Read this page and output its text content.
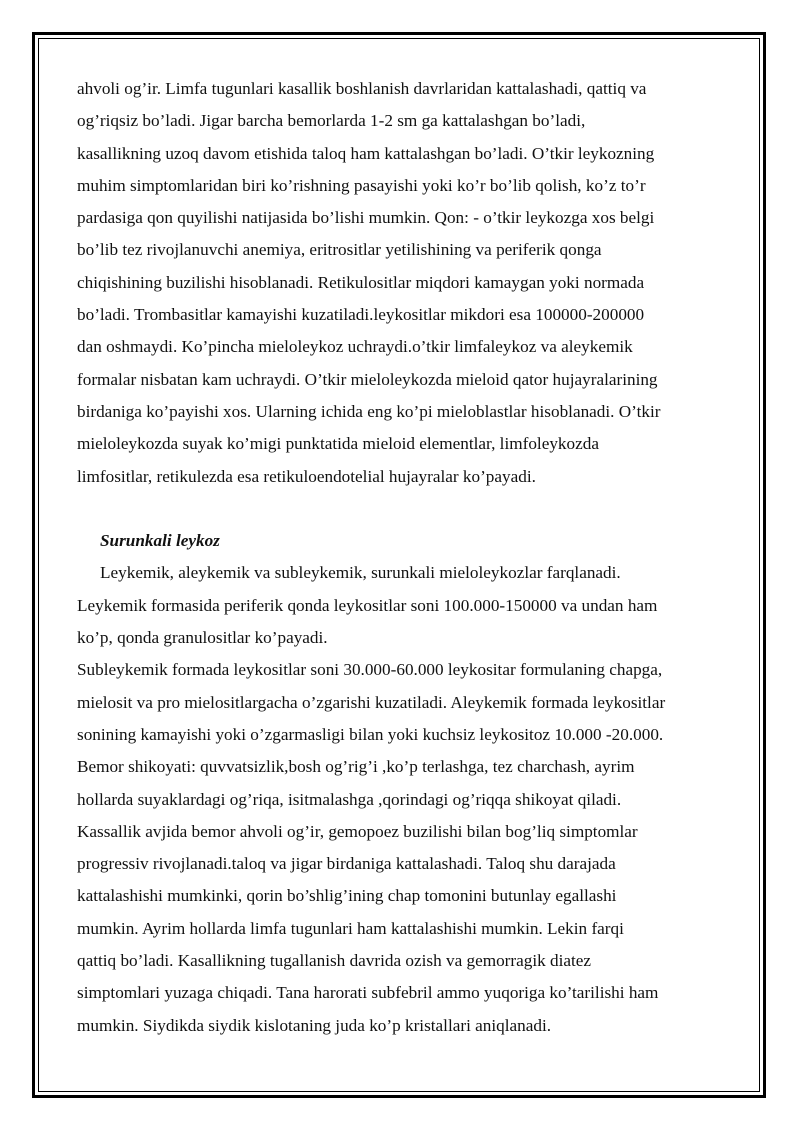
ahvoli og’ir. Limfa tugunlari kasallik boshlanish davrlaridan kattalashadi, qattiq va
og’riqsiz bo’ladi. Jigar barcha bemorlarda 1-2 sm ga kattalashgan bo’ladi,
kasallikning uzoq davom etishida taloq ham kattalashgan bo’ladi. O’tkir leykozning
muhim simptomlaridan biri ko’rishning pasayishi yoki ko’r bo’lib qolish, ko’z to’r
pardasiga qon quyilishi natijasida bo’lishi mumkin. Qon: - o’tkir leykozga xos belgi
bo’lib tez rivojlanuvchi anemiya, eritrositlar yetilishining va periferik qonga
chiqishining buzilishi hisoblanadi. Retikulositlar miqdori kamaygan yoki normada
bo’ladi. Trombasitlar kamayishi kuzatiladi.leykositlar mikdori esa 100000-200000
dan oshmaydi. Ko’pincha mieloleykoz uchraydi.o’tkir limfaleykoz va aleykemik
formalar nisbatan kam uchraydi. O’tkir mieloleykozda mieloid qator hujayralarining
birdaniga ko’payishi xos. Ularning ichida eng ko’pi mieloblastlar hisoblanadi. O’tkir
mieloleykozda suyak ko’migi punktatida mieloid elementlar, limfoleykozda
limfositlar, retikulezda esa retikuloendotelial hujayralar ko’payadi.
Surunkali leykoz
Leykemik, aleykemik va subleykemik, surunkali mieloleykozlar farqlanadi.
Leykemik formasida periferik qonda leykositlar soni 100.000-150000 va undan ham
ko’p, qonda granulositlar ko’payadi.
Subleykemik formada leykositlar soni 30.000-60.000 leykositar formulaning chapga,
mielosit va pro mielositlargacha o’zgarishi kuzatiladi. Aleykemik formada leykositlar
sonining kamayishi yoki o’zgarmasligi bilan yoki kuchsiz leykositoz 10.000 -20.000.
Bemor shikoyati: quvvatsizlik,bosh og’rig’i ,ko’p terlashga, tez charchash, ayrim
hollarda suyaklardagi og’riqa, isitmalashga ,qorindagi og’riqqa shikoyat qiladi.
Kassallik avjida bemor ahvoli og’ir, gemopoez buzilishi bilan bog’liq simptomlar
progressiv rivojlanadi.taloq va jigar birdaniga kattalashadi. Taloq shu darajada
kattalashishi mumkinki, qorin bo’shlig’ining chap tomonini butunlay egallashi
mumkin. Ayrim hollarda limfa tugunlari ham kattalashishi mumkin. Lekin farqi
qattiq bo’ladi. Kasallikning tugallanish davrida ozish va gemorragik diatez
simptomlari yuzaga chiqadi. Tana harorati subfebril ammo yuqoriga ko’tarilishi ham
mumkin. Siydikda siydik kislotaning juda ko’p kristallari aniqlanadi.
